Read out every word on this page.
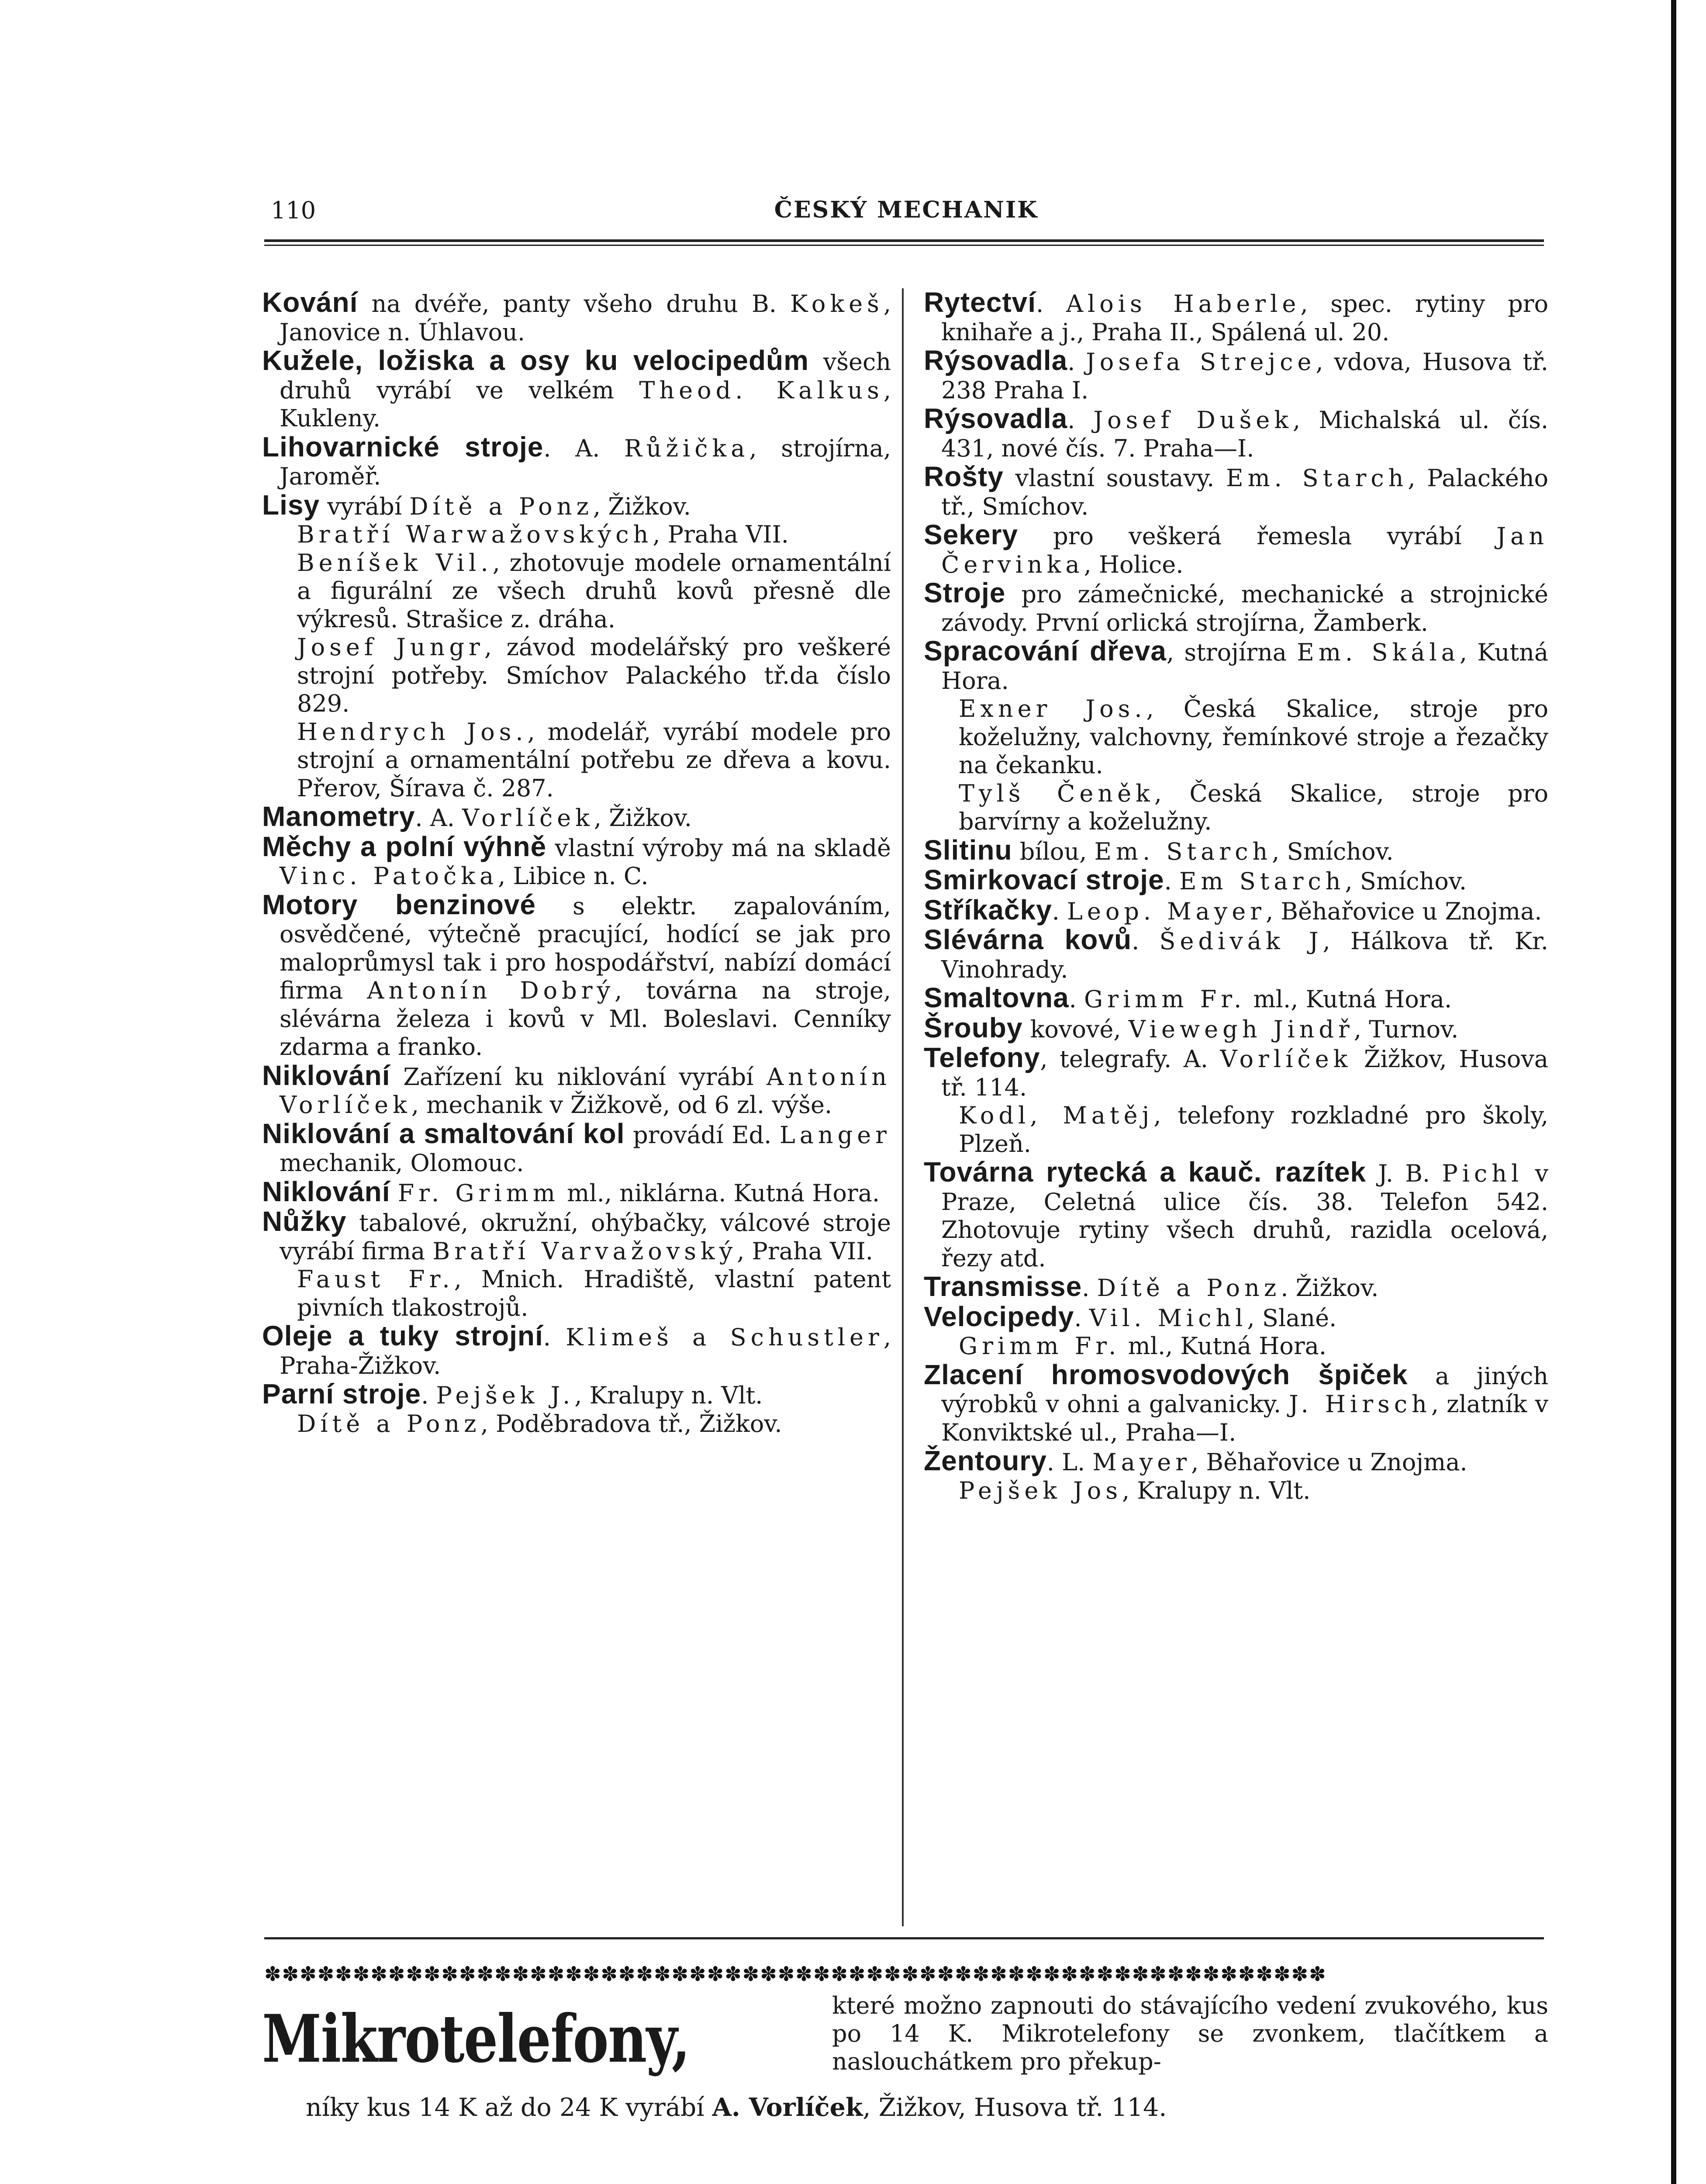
110	ČESKÝ MECHANIK
Kování na dvéře, panty všeho druhu B. Kokeš, Janovice n. Úhlavou.
Kužele, ložiska a osy ku velocipedům všech druhů vyrábí ve velkém Theod. Kalkus, Kukleny.
Lihovarnické stroje. A. Růžička, strojírna, Jaroměř.
Lisy vyrábí Dítě a Ponz, Žižkov.
Bratří Warwažovských, Praha VII.
Beníšek Vil., zhotovuje modele ornamentální a figurální ze všech druhů kovů přesně dle výkresů. Strašice z. dráha.
Josef Jungr, závod modelářský pro veškeré strojní potřeby. Smíchov Palackého tř.da číslo 829.
Hendrych Jos., modelář, vyrábí modele pro strojní a ornamentální potřebu ze dřeva a kovu. Přerov, Šírava č. 287.
Manometry. A. Vorlíček, Žižkov.
Měchy a polní výhně vlastní výroby má na skladě Vinc. Patočka, Libice n. C.
Motory benzinové s elektr. zapalováním, osvědčené, výtečně pracující, hodící se jak pro maloprůmysl tak i pro hospodářství, nabízí domácí firma Antonín Dobrý, továrna na stroje, slévárna železa i kovů v Ml. Boleslavi. Cenníky zdarma a franko.
Niklování Zařízení ku niklování vyrábí Antonín Vorlíček, mechanik v Žižkově, od 6 zl. výše.
Niklování a smaltování kol provádí Ed. Langer mechanik, Olomouc.
Niklování Fr. Grimm ml., niklárna. Kutná Hora.
Nůžky tabalové, okružní, ohýbačky, válcové stroje vyrábí firma Bratří Varvažovský, Praha VII.
Faust Fr., Mnich. Hradiště, vlastní patent pivních tlakostrojů.
Oleje a tuky strojní. Klimeš a Schustler, Praha-Žižkov.
Parní stroje. Pejšek J., Kralupy n. Vlt.
Dítě a Ponz, Poděbradova tř., Žižkov.
Rytectví. Alois Haberle, spec. rytiny pro knihaře a j., Praha II., Spálená ul. 20.
Rýsovadla. Josefa Strejce, vdova, Husova tř. 238 Praha I.
Rýsovadla. Josef Dušek, Michalská ul. čís. 431, nové čís. 7. Praha—I.
Rošty vlastní soustavy. Em. Starch, Palackého tř., Smíchov.
Sekery pro veškerá řemesla vyrábí Jan Červinka, Holice.
Stroje pro zámečnické, mechanické a strojnické závody. První orlická strojírna, Žamberk.
Spracování dřeva, strojírna Em. Skála, Kutná Hora.
Exner Jos., Česká Skalice, stroje pro koželužny, valchovny, řemínkové stroje a řezačky na čekanku.
Tylš Čeněk, Česká Skalice, stroje pro barvírny a koželužny.
Slitinu bílou, Em. Starch, Smíchov.
Smirkovací stroje. Em Starch, Smíchov.
Stříkačky. Leop. Mayer, Běhařovice u Znojma.
Slévárna kovů. Šedivák J, Hálkova tř. Kr. Vinohrady.
Smaltovna. Grimm Fr. ml., Kutná Hora.
Šrouby kovové, Viewegh Jindř, Turnov.
Telefony, telegrafy. A. Vorlíček Žižkov, Husova tř. 114.
Kodl, Matěj, telefony rozkladné pro školy, Plzeň.
Továrna rytecká a kauč. razítek J. B. Pichl v Praze, Celetná ulice čís. 38. Telefon 542. Zhotovuje rytiny všech druhů, razidla ocelová, řezy atd.
Transmisse. Dítě a Ponz. Žižkov.
Velocipedy. Vil. Michl, Slané.
Grimm Fr. ml., Kutná Hora.
Zlacení hromosvodových špiček a jiných výrobků v ohni a galvanicky. J. Hirsch, zlatník v Konviktské ul., Praha—I.
Žentoury. L. Mayer, Běhařovice u Znojma.
Pejšek Jos, Kralupy n. Vlt.
✽✽✽✽✽✽✽✽✽✽✽✽✽✽✽✽✽✽✽✽✽✽✽✽✽✽✽✽✽✽✽✽✽✽✽✽✽✽✽✽✽✽✽✽✽✽✽✽✽✽✽✽✽✽✽✽✽✽✽✽
Mikrotelefony,	které možno zapnouti do stávajícího vedení zvukového, kus po 14 K. Mikrotelefony se zvonkem, tlačítkem a naslouchátkem pro překup-
níky kus 14 K až do 24 K vyrábí A. Vorlíček, Žižkov, Husova tř. 114.
